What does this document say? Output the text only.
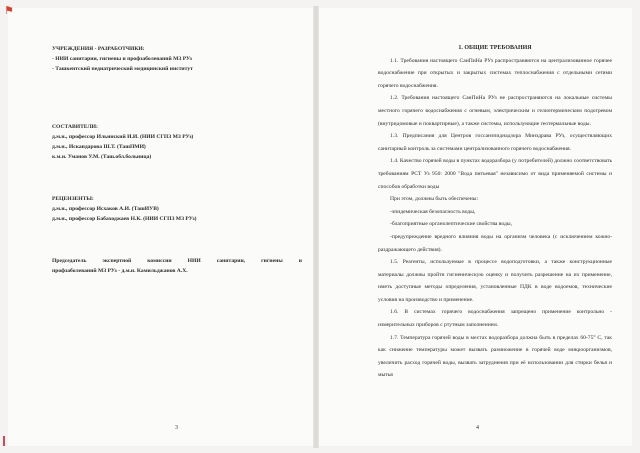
⚑
УЧРЕЖДЕНИЯ - РАЗРАБОТЧИКИ:
- НИИ санитарии, гигиены и профзаболеваний МЗ РУз
- Ташкентский педиатрический медицинский институт
СОСТАВИТЕЛИ:
д.м.н., профессор Ильинский И.И. (НИИ СГПЗ МЗ РУз)
д.м.н., Искандарова Ш.Т. (ТашПМИ)
к.м.н. Уманов У.М. (Таш.обл.больница)
РЕЦЕНЗЕНТЫ:
д.м.н., профессор Исхаков А.И. (ТашИУВ)
д.м.н., профессор Бабаходжаев Н.К. (НИИ СГПЗ МЗ РУз)
Председатель экспертной комиссии НИИ санитарии, гигиены и
профзаболеваний МЗ РУз - д.м.н. Камильджанов А.Х.
3

1. ОБЩИЕ ТРЕБОВАНИЯ

1.1. Требования настоящего СанПиНа РУз распространяются на централизованное горячее водоснабжение при открытых и закрытых системах теплоснабжения с отдельными сетями горячего водоснабжения.

1.2. Требования настоящего СанПиНа РУз не распространяются на локальные системы местного горячего водоснабжения с огневым, электрическим и гелиотермическим подогревом (внутридомовые и поквартирные), а также системы, использующие геотермальные воды.

1.3. Предписания для Центров госсанэпиднадзора Минздрава РУз, осуществляющих санитарный контроль за системами централизованного горячего водоснабжения.

1.4. Качество горячей воды в пунктах водоразбора (у потребителей) должно соответствовать требованиям РСТ Уз 950: 2000 "Вода питьевая" независимо от вида применяемой системы и способов обработки воды

При этом, должны быть обеспечены:

-эпидемическая безопасность воды,

-благоприятные органолептические свойства воды,

-предупреждение вредного влияния воды на организм человека (с исключением кожно-раздражающего действия).

1.5. Реагенты, используемые в процессе водоподготовки, а также конструкционные материалы должны пройти гигиеническую оценку и получить разрешение на их применение, иметь доступные методы определения, установленные ПДК в воде водоемов, технические условия на производство и применение.

1.6. В системах горячего водоснабжения запрещено применение контрольно - измерительных приборов с ртутным заполнением.

1.7. Температура горячей воды в местах водоразбора должна быть в пределах 60-75° С, так как снижение температуры может вызвать размножение в горячей воде микроорганизмов, увеличить расход горячей воды, вызвать затруднения при её использовании для стирки белья и мытья

4
